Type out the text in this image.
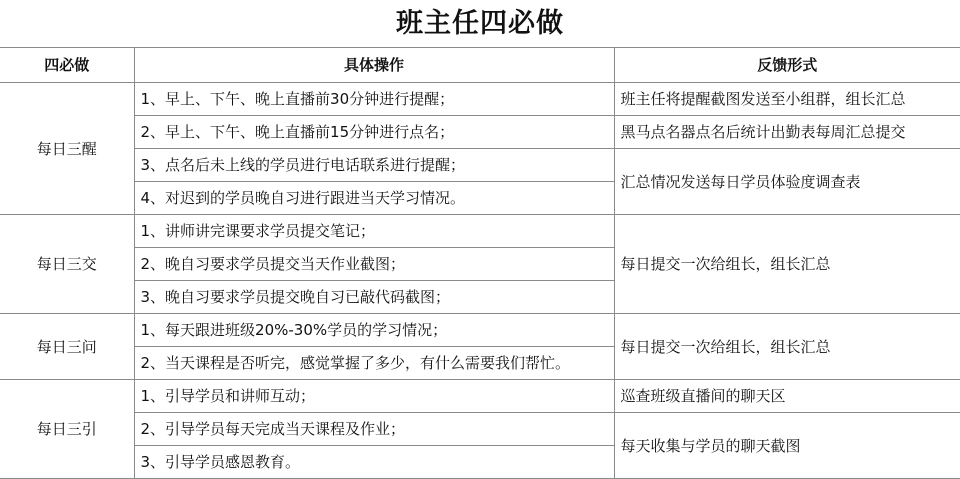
班主任四必做
四必做	具体操作	反馈形式
每日三醒	1、早上、下午、晚上直播前30分钟进行提醒；	班主任将提醒截图发送至小组群，组长汇总
	2、早上、下午、晚上直播前15分钟进行点名；	黑马点名器点名后统计出勤表每周汇总提交
	3、点名后未上线的学员进行电话联系进行提醒；	汇总情况发送每日学员体验度调查表
	4、对迟到的学员晚自习进行跟进当天学习情况。	
每日三交	1、讲师讲完课要求学员提交笔记；	每日提交一次给组长，组长汇总
	2、晚自习要求学员提交当天作业截图；	
	3、晚自习要求学员提交晚自习已敲代码截图；	
每日三问	1、每天跟进班级20%-30%学员的学习情况；	每日提交一次给组长，组长汇总
	2、当天课程是否听完，感觉掌握了多少，有什么需要我们帮忙。	
每日三引	1、引导学员和讲师互动；	巡查班级直播间的聊天区
	2、引导学员每天完成当天课程及作业；	每天收集与学员的聊天截图
	3、引导学员感恩教育。	
